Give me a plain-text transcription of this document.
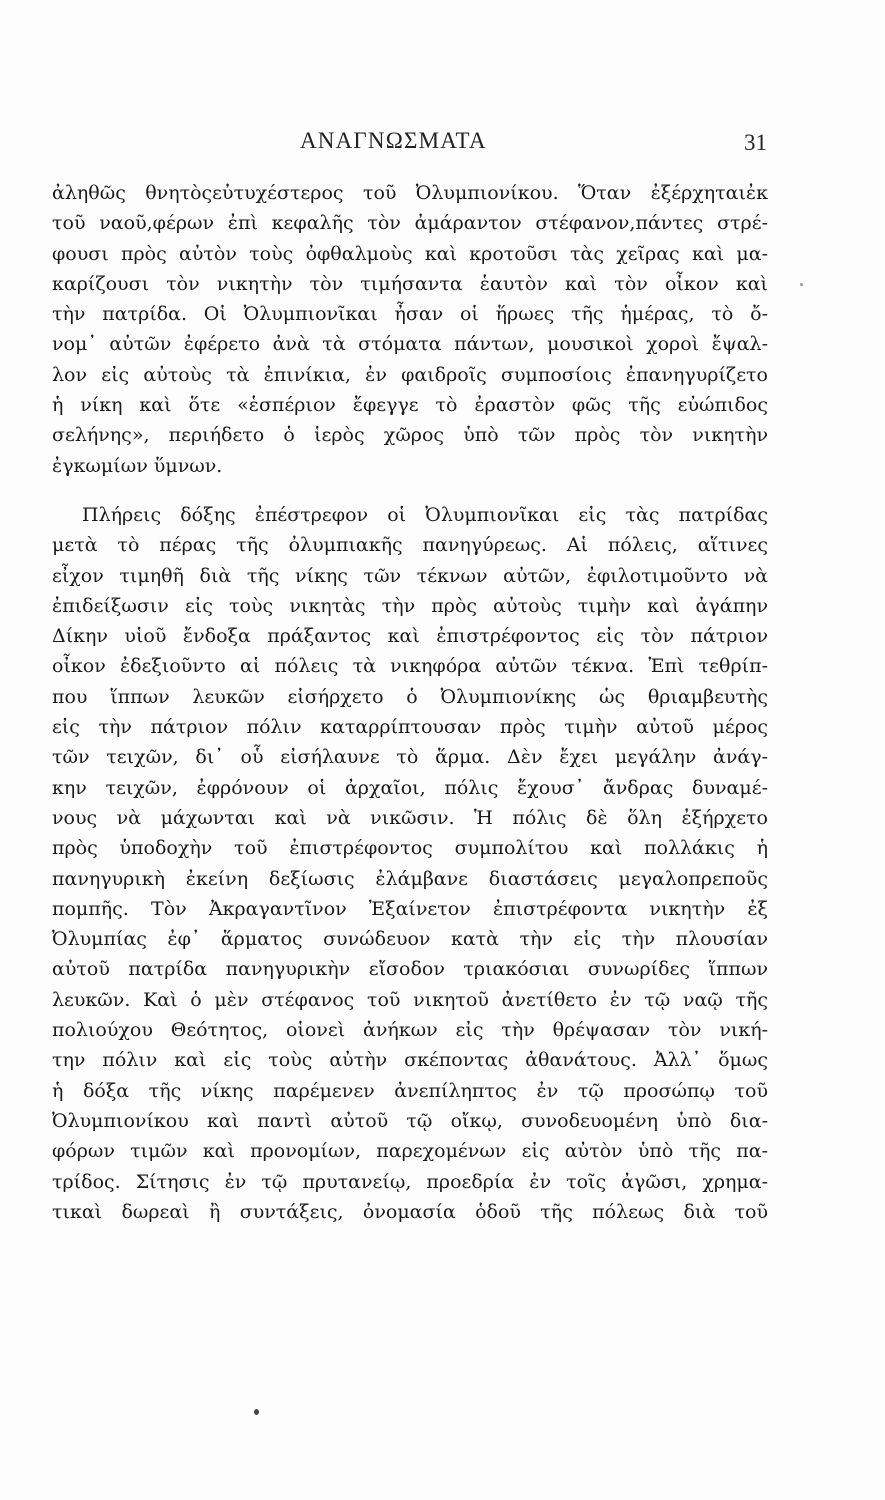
ΑΝΑΓΝΩΣΜΑΤΑ	31
ἀληθῶς θνητὸςεὐτυχέστερος τοῦ Ὀλυμπιονίκου. Ὅταν ἐξέρχηταιἐκ
τοῦ ναοῦ,φέρων ἐπὶ κεφαλῆς τὸν ἀμάραντον στέφανον,πάντες στρέ-
φουσι πρὸς αὐτὸν τοὺς ὀφθαλμοὺς καὶ κροτοῦσι τὰς χεῖρας καὶ μα-
καρίζουσι τὸν νικητὴν τὸν τιμήσαντα ἑαυτὸν καὶ τὸν οἶκον καὶ
τὴν πατρίδα. Οἱ Ὀλυμπιονῖκαι ἦσαν οἱ ἥρωες τῆς ἡμέρας, τὸ ὄ-
νομ᾽ αὐτῶν ἐφέρετο ἀνὰ τὰ στόματα πάντων, μουσικοὶ χοροὶ ἔψαλ-
λον εἰς αὐτοὺς τὰ ἐπινίκια, ἐν φαιδροῖς συμποσίοις ἐπανηγυρίζετο
ἡ νίκη καὶ ὅτε «ἑσπέριον ἔφεγγε τὸ ἐραστὸν φῶς τῆς εὐώπιδος
σελήνης», περιήδετο ὁ ἱερὸς χῶρος ὑπὸ τῶν πρὸς τὸν νικητὴν
ἐγκωμίων ὕμνων.
Πλήρεις δόξης ἐπέστρεφον οἱ Ὀλυμπιονῖκαι εἰς τὰς πατρίδας
μετὰ τὸ πέρας τῆς ὀλυμπιακῆς πανηγύρεως. Αἱ πόλεις, αἵτινες
εἶχον τιμηθῆ διὰ τῆς νίκης τῶν τέκνων αὐτῶν, ἐφιλοτιμοῦντο νὰ
ἐπιδείξωσιν εἰς τοὺς νικητὰς τὴν πρὸς αὐτοὺς τιμὴν καὶ ἀγάπην
Δίκην υἱοῦ ἔνδοξα πράξαντος καὶ ἐπιστρέφοντος εἰς τὸν πάτριον
οἶκον ἐδεξιοῦντο αἱ πόλεις τὰ νικηφόρα αὐτῶν τέκνα. Ἐπὶ τεθρίπ-
που ἵππων λευκῶν εἰσήρχετο ὁ Ὀλυμπιονίκης ὡς θριαμβευτὴς
εἰς τὴν πάτριον πόλιν καταρρίπτουσαν πρὸς τιμὴν αὐτοῦ μέρος
τῶν τειχῶν, δι᾽ οὗ εἰσήλαυνε τὸ ἅρμα. Δὲν ἔχει μεγάλην ἀνάγ-
κην τειχῶν, ἐφρόνουν οἱ ἀρχαῖοι, πόλις ἔχουσ᾽ ἄνδρας δυναμέ-
νους νὰ μάχωνται καὶ νὰ νικῶσιν. Ἡ πόλις δὲ ὅλη ἐξήρχετο
πρὸς ὑποδοχὴν τοῦ ἐπιστρέφοντος συμπολίτου καὶ πολλάκις ἡ
πανηγυρικὴ ἐκείνη δεξίωσις ἐλάμβανε διαστάσεις μεγαλοπρεποῦς
πομπῆς. Τὸν Ἀκραγαντῖνον Ἐξαίνετον ἐπιστρέφοντα νικητὴν ἐξ
Ὀλυμπίας ἐφ᾽ ἅρματος συνώδευον κατὰ τὴν εἰς τὴν πλουσίαν
αὐτοῦ πατρίδα πανηγυρικὴν εἴσοδον τριακόσιαι συνωρίδες ἵππων
λευκῶν. Καὶ ὁ μὲν στέφανος τοῦ νικητοῦ ἀνετίθετο ἐν τῷ ναῷ τῆς
πολιούχου Θεότητος, οἱονεὶ ἀνήκων εἰς τὴν θρέψασαν τὸν νική-
την πόλιν καὶ εἰς τοὺς αὐτὴν σκέποντας ἀθανάτους. Ἀλλ᾽ ὅμως
ἡ δόξα τῆς νίκης παρέμενεν ἀνεπίληπτος ἐν τῷ προσώπῳ τοῦ
Ὀλυμπιονίκου καὶ παντὶ αὐτοῦ τῷ οἴκῳ, συνοδευομένη ὑπὸ δια-
φόρων τιμῶν καὶ προνομίων, παρεχομένων εἰς αὐτὸν ὑπὸ τῆς πα-
τρίδος. Σίτησις ἐν τῷ πρυτανείῳ, προεδρία ἐν τοῖς ἀγῶσι, χρημα-
τικαὶ δωρεαὶ ἢ συντάξεις, ὀνομασία ὁδοῦ τῆς πόλεως διὰ τοῦ
